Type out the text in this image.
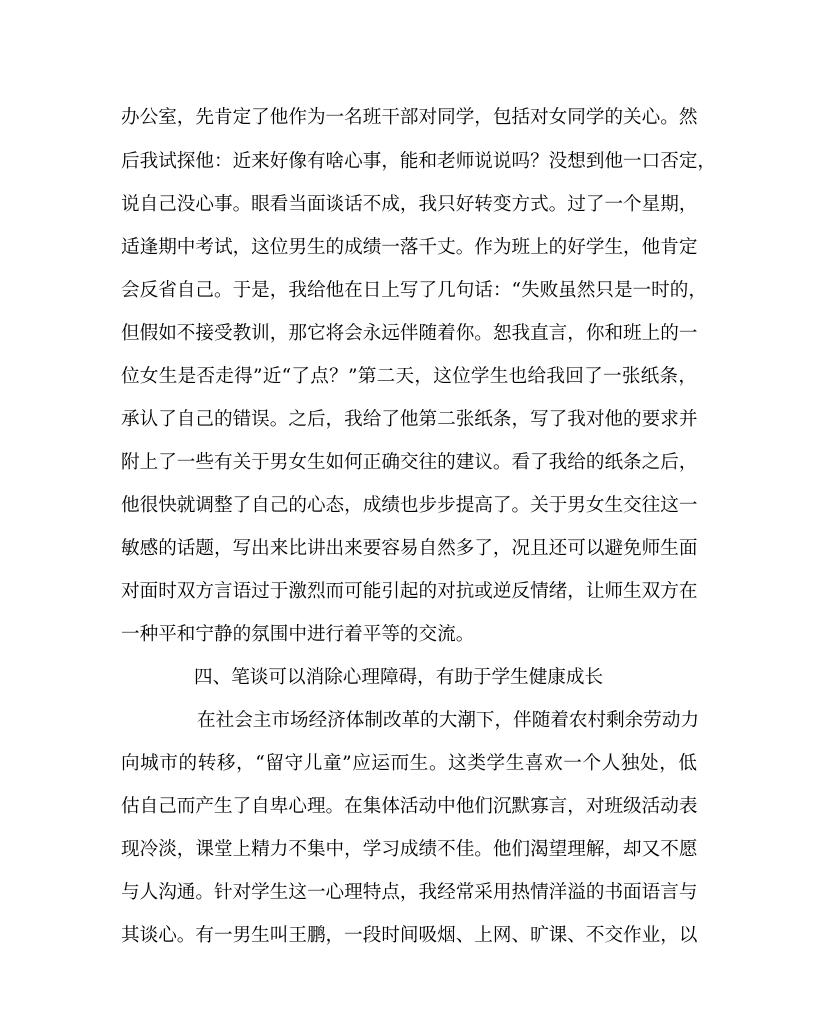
办公室，先肯定了他作为一名班干部对同学，包括对女同学的关心。然
后我试探他：近来好像有啥心事，能和老师说说吗？没想到他一口否定，
说自己没心事。眼看当面谈话不成，我只好转变方式。过了一个星期，
适逢期中考试，这位男生的成绩一落千丈。作为班上的好学生，他肯定
会反省自己。于是，我给他在日上写了几句话：“失败虽然只是一时的，
但假如不接受教训，那它将会永远伴随着你。恕我直言，你和班上的一
位女生是否走得”近“了点？”第二天，这位学生也给我回了一张纸条，
承认了自己的错误。之后，我给了他第二张纸条，写了我对他的要求并
附上了一些有关于男女生如何正确交往的建议。看了我给的纸条之后，
他很快就调整了自己的心态，成绩也步步提高了。关于男女生交往这一
敏感的话题，写出来比讲出来要容易自然多了，况且还可以避免师生面
对面时双方言语过于激烈而可能引起的对抗或逆反情绪，让师生双方在
一种平和宁静的氛围中进行着平等的交流。
四、笔谈可以消除心理障碍，有助于学生健康成长
在社会主市场经济体制改革的大潮下，伴随着农村剩余劳动力
向城市的转移，“留守儿童”应运而生。这类学生喜欢一个人独处，低
估自己而产生了自卑心理。在集体活动中他们沉默寡言，对班级活动表
现冷淡，课堂上精力不集中，学习成绩不佳。他们渴望理解，却又不愿
与人沟通。针对学生这一心理特点，我经常采用热情洋溢的书面语言与
其谈心。有一男生叫王鹏，一段时间吸烟、上网、旷课、不交作业，以
